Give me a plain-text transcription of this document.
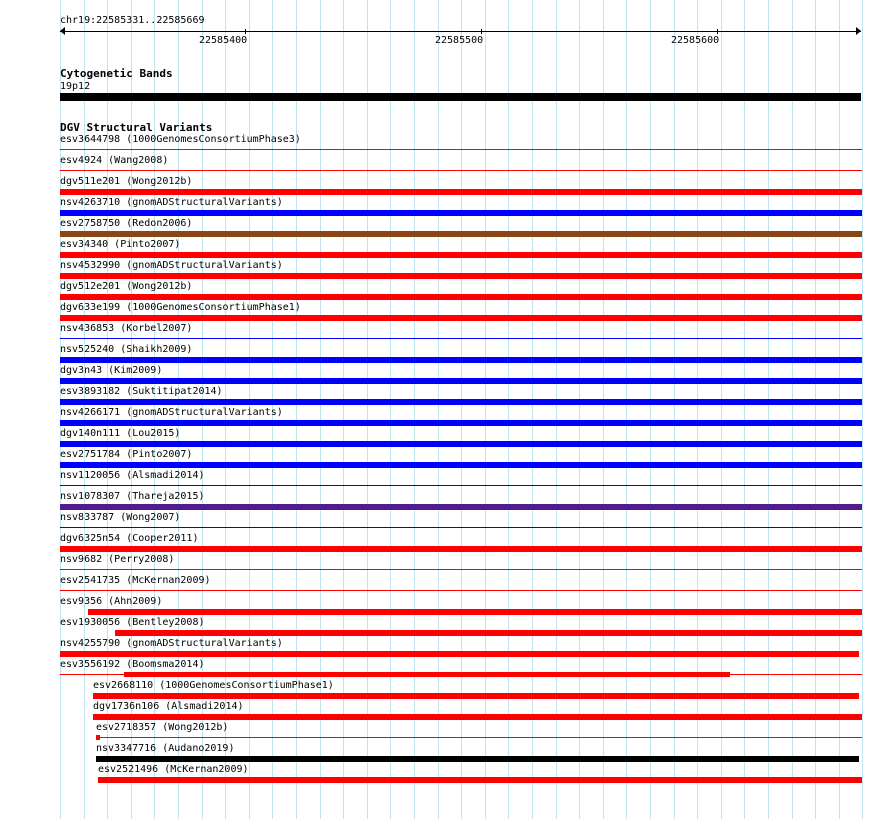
chr19:22585331..22585669
22585400	22585500	22585600
Cytogenetic Bands
19p12
DGV Structural Variants
esv3644798 (1000GenomesConsortiumPhase3)
esv4924 (Wang2008)
dgv511e201 (Wong2012b)
nsv4263710 (gnomADStructuralVariants)
esv2758750 (Redon2006)
esv34340 (Pinto2007)
nsv4532990 (gnomADStructuralVariants)
dgv512e201 (Wong2012b)
dgv633e199 (1000GenomesConsortiumPhase1)
nsv436853 (Korbel2007)
nsv525240 (Shaikh2009)
dgv3n43 (Kim2009)
esv3893182 (Suktitipat2014)
nsv4266171 (gnomADStructuralVariants)
dgv140n111 (Lou2015)
esv2751784 (Pinto2007)
nsv1120056 (Alsmadi2014)
nsv1078307 (Thareja2015)
nsv833787 (Wong2007)
dgv6325n54 (Cooper2011)
nsv9682 (Perry2008)
esv2541735 (McKernan2009)
esv9356 (Ahn2009)
esv1930056 (Bentley2008)
nsv4255790 (gnomADStructuralVariants)
esv3556192 (Boomsma2014)
esv2668110 (1000GenomesConsortiumPhase1)
dgv1736n106 (Alsmadi2014)
esv2718357 (Wong2012b)
nsv3347716 (Audano2019)
esv2521496 (McKernan2009)
